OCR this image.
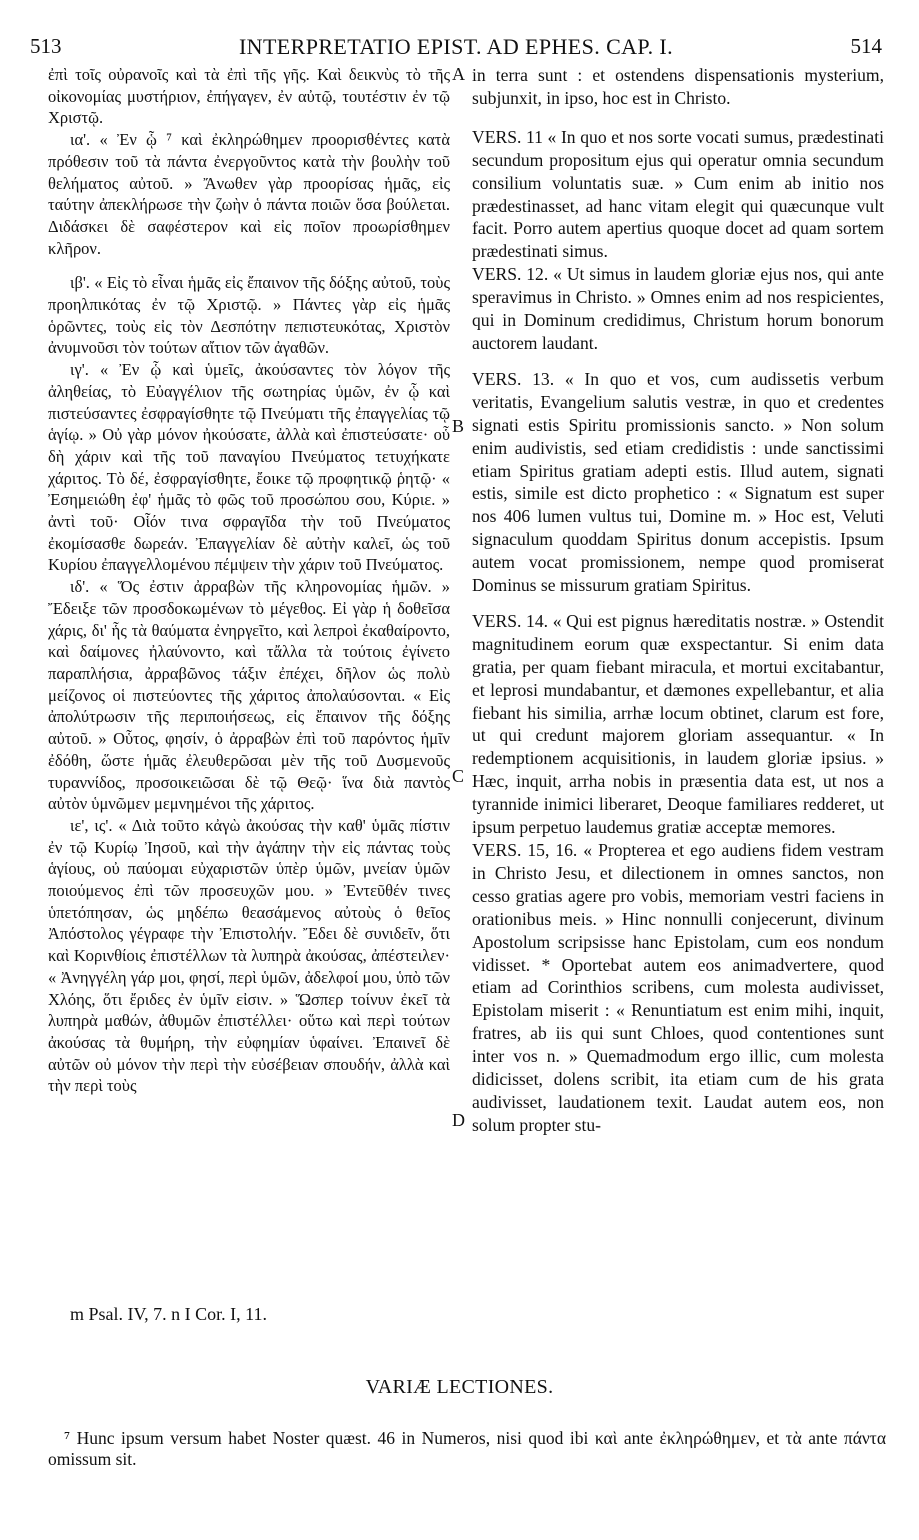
513	INTERPRETATIO EPIST. AD EPHES. CAP. I.	514

ἐπὶ τοῖς οὐρανοῖς καὶ τὰ ἐπὶ τῆς γῆς. Καὶ δεικνὺς τὸ τῆς οἰκονομίας μυστήριον, ἐπήγαγεν, ἐν αὐτῷ, τουτέστιν ἐν τῷ Χριστῷ.

ια'. « Ἐν ᾧ ⁷ καὶ ἐκληρώθημεν προορισθέντες κατὰ πρόθεσιν τοῦ τὰ πάντα ἐνεργοῦντος κατὰ τὴν βουλὴν τοῦ θελήματος αὐτοῦ. » Ἄνωθεν γὰρ προορίσας ἡμᾶς, εἰς ταύτην ἀπεκλήρωσε τὴν ζωὴν ὁ πάντα ποιῶν ὅσα βούλεται. Διδάσκει δὲ σαφέστερον καὶ εἰς ποῖον προωρίσθημεν κλῆρον.

ιβ'. « Εἰς τὸ εἶναι ἡμᾶς εἰς ἔπαινον τῆς δόξης αὐτοῦ, τοὺς προηλπικότας ἐν τῷ Χριστῷ. » Πάντες γὰρ εἰς ἡμᾶς ὁρῶντες, τοὺς εἰς τὸν Δεσπότην πεπιστευκότας, Χριστὸν ἀνυμνοῦσι τὸν τούτων αἴτιον τῶν ἀγαθῶν.

ιγ'. « Ἐν ᾧ καὶ ὑμεῖς, ἀκούσαντες τὸν λόγον τῆς ἀληθείας, τὸ Εὐαγγέλιον τῆς σωτηρίας ὑμῶν, ἐν ᾧ καὶ πιστεύσαντες ἐσφραγίσθητε τῷ Πνεύματι τῆς ἐπαγγελίας τῷ ἁγίῳ. » Οὐ γὰρ μόνον ἠκούσατε, ἀλλὰ καὶ ἐπιστεύσατε· οὗ δὴ χάριν καὶ τῆς τοῦ παναγίου Πνεύματος τετυχήκατε χάριτος. Τὸ δέ, ἐσφραγίσθητε, ἔοικε τῷ προφητικῷ ῥητῷ· « Ἐσημειώθη ἐφ' ἡμᾶς τὸ φῶς τοῦ προσώπου σου, Κύριε. » ἀντὶ τοῦ· Οἷόν τινα σφραγῖδα τὴν τοῦ Πνεύματος ἐκομίσασθε δωρεάν. Ἐπαγγελίαν δὲ αὐτὴν καλεῖ, ὡς τοῦ Κυρίου ἐπαγγελλομένου πέμψειν τὴν χάριν τοῦ Πνεύματος.

ιδ'. « Ὅς ἐστιν ἀρραβὼν τῆς κληρονομίας ἡμῶν. » Ἔδειξε τῶν προσδοκωμένων τὸ μέγεθος. Εἰ γὰρ ἡ δοθεῖσα χάρις, δι' ἧς τὰ θαύματα ἐνηργεῖτο, καὶ λεπροὶ ἐκαθαίροντο, καὶ δαίμονες ἠλαύνοντο, καὶ τἄλλα τὰ τούτοις ἐγίνετο παραπλήσια, ἀρραβῶνος τάξιν ἐπέχει, δῆλον ὡς πολὺ μείζονος οἱ πιστεύοντες τῆς χάριτος ἀπολαύσονται. « Εἰς ἀπολύτρωσιν τῆς περιποιήσεως, εἰς ἔπαινον τῆς δόξης αὐτοῦ. » Οὗτος, φησίν, ὁ ἀρραβὼν ἐπὶ τοῦ παρόντος ἡμῖν ἐδόθη, ὥστε ἡμᾶς ἐλευθερῶσαι μὲν τῆς τοῦ Δυσμενοῦς τυραννίδος, προσοικειῶσαι δὲ τῷ Θεῷ· ἵνα διὰ παντὸς αὐτὸν ὑμνῶμεν μεμνημένοι τῆς χάριτος.

ιε', ις'. « Διὰ τοῦτο κἀγὼ ἀκούσας τὴν καθ' ὑμᾶς πίστιν ἐν τῷ Κυρίῳ Ἰησοῦ, καὶ τὴν ἀγάπην τὴν εἰς πάντας τοὺς ἁγίους, οὐ παύομαι εὐχαριστῶν ὑπὲρ ὑμῶν, μνείαν ὑμῶν ποιούμενος ἐπὶ τῶν προσευχῶν μου. » Ἐντεῦθέν τινες ὑπετόπησαν, ὡς μηδέπω θεασάμενος αὐτοὺς ὁ θεῖος Ἀπόστολος γέγραφε τὴν Ἐπιστολήν. Ἔδει δὲ συνιδεῖν, ὅτι καὶ Κορινθίοις ἐπιστέλλων τὰ λυπηρὰ ἀκούσας, ἀπέστειλεν· « Ἀνηγγέλη γάρ μοι, φησί, περὶ ὑμῶν, ἀδελφοί μου, ὑπὸ τῶν Χλόης, ὅτι ἔριδες ἐν ὑμῖν εἰσιν. » Ὥσπερ τοίνυν ἐκεῖ τὰ λυπηρὰ μαθών, ἀθυμῶν ἐπιστέλλει· οὕτω καὶ περὶ τούτων ἀκούσας τὰ θυμήρη, τὴν εὐφημίαν ὑφαίνει. Ἐπαινεῖ δὲ αὐτῶν οὐ μόνον τὴν περὶ τὴν εὐσέβειαν σπουδήν, ἀλλὰ καὶ τὴν περὶ τοὺς

A
B
C
D

in terra sunt : et ostendens dispensationis mysterium, subjunxit, in ipso, hoc est in Christo.

VERS. 11 « In quo et nos sorte vocati sumus, prædestinati secundum propositum ejus qui operatur omnia secundum consilium voluntatis suæ. » Cum enim ab initio nos prædestinasset, ad hanc vitam elegit qui quæcunque vult facit. Porro autem apertius quoque docet ad quam sortem prædestinati simus.

VERS. 12. « Ut simus in laudem gloriæ ejus nos, qui ante speravimus in Christo. » Omnes enim ad nos respicientes, qui in Dominum credidimus, Christum horum bonorum auctorem laudant.

VERS. 13. « In quo et vos, cum audissetis verbum veritatis, Evangelium salutis vestræ, in quo et credentes signati estis Spiritu promissionis sancto. » Non solum enim audivistis, sed etiam credidistis : unde sanctissimi etiam Spiritus gratiam adepti estis. Illud autem, signati estis, simile est dicto prophetico : « Signatum est super nos 406 lumen vultus tui, Domine m. » Hoc est, Veluti signaculum quoddam Spiritus donum accepistis. Ipsum autem vocat promissionem, nempe quod promiserat Dominus se missurum gratiam Spiritus.

VERS. 14. « Qui est pignus hæreditatis nostræ. » Ostendit magnitudinem eorum quæ exspectantur. Si enim data gratia, per quam fiebant miracula, et mortui excitabantur, et leprosi mundabantur, et dæmones expellebantur, et alia fiebant his similia, arrhæ locum obtinet, clarum est fore, ut qui credunt majorem gloriam assequantur. « In redemptionem acquisitionis, in laudem gloriæ ipsius. » Hæc, inquit, arrha nobis in præsentia data est, ut nos a tyrannide inimici liberaret, Deoque familiares redderet, ut ipsum perpetuo laudemus gratiæ acceptæ memores.

VERS. 15, 16. « Propterea et ego audiens fidem vestram in Christo Jesu, et dilectionem in omnes sanctos, non cesso gratias agere pro vobis, memoriam vestri faciens in orationibus meis. » Hinc nonnulli conjecerunt, divinum Apostolum scripsisse hanc Epistolam, cum eos nondum vidisset. * Oportebat autem eos animadvertere, quod etiam ad Corinthios scribens, cum molesta audivisset, Epistolam miserit : « Renuntiatum est enim mihi, inquit, fratres, ab iis qui sunt Chloes, quod contentiones sunt inter vos n. » Quemadmodum ergo illic, cum molesta didicisset, dolens scribit, ita etiam cum de his grata audivisset, laudationem texit. Laudat autem eos, non solum propter stu-

m Psal. IV, 7. n I Cor. I, 11.
VARIÆ LECTIONES.

⁷ Hunc ipsum versum habet Noster quæst. 46 in Numeros, nisi quod ibi καὶ ante ἐκληρώθημεν, et τὰ ante πάντα omissum sit.
